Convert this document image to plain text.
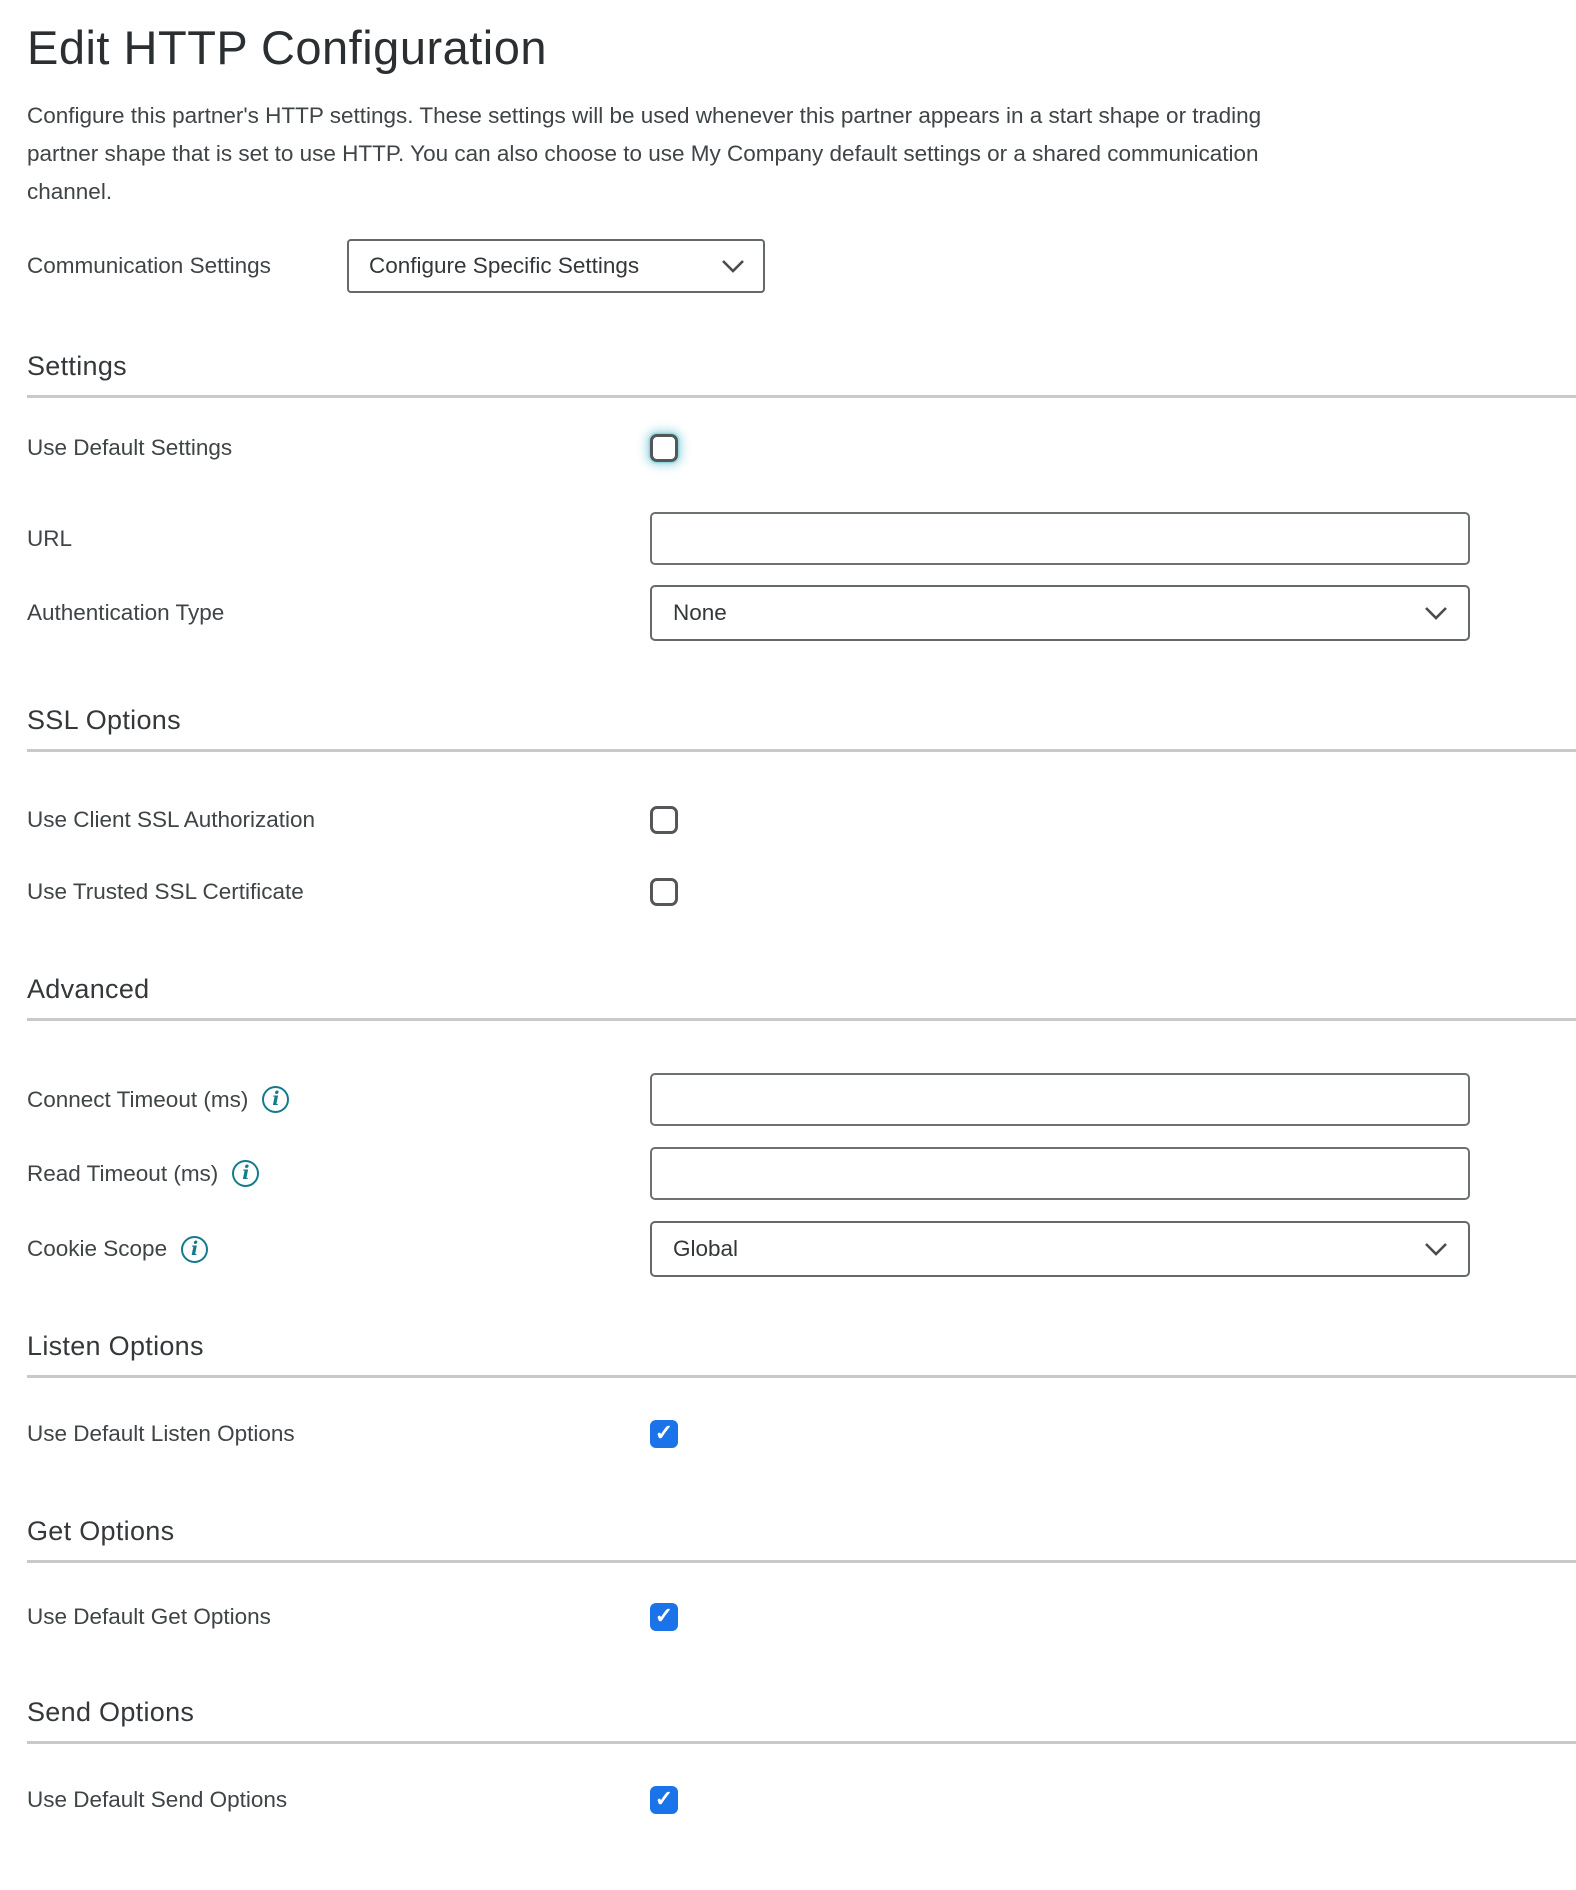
Edit HTTP Configuration

Configure this partner's HTTP settings. These settings will be used whenever this partner appears in a start shape or trading partner shape that is set to use HTTP. You can also choose to use My Company default settings or a shared communication channel.

Communication Settings	Configure Specific Settings
Settings
Use Default Settings
URL
Authentication Type	None
SSL Options
Use Client SSL Authorization
Use Trusted SSL Certificate
Advanced
Connect Timeout (ms)	i
Read Timeout (ms)	i
Cookie Scope	i	Global
Listen Options
Use Default Listen Options	✓
Get Options
Use Default Get Options	✓
Send Options
Use Default Send Options	✓
